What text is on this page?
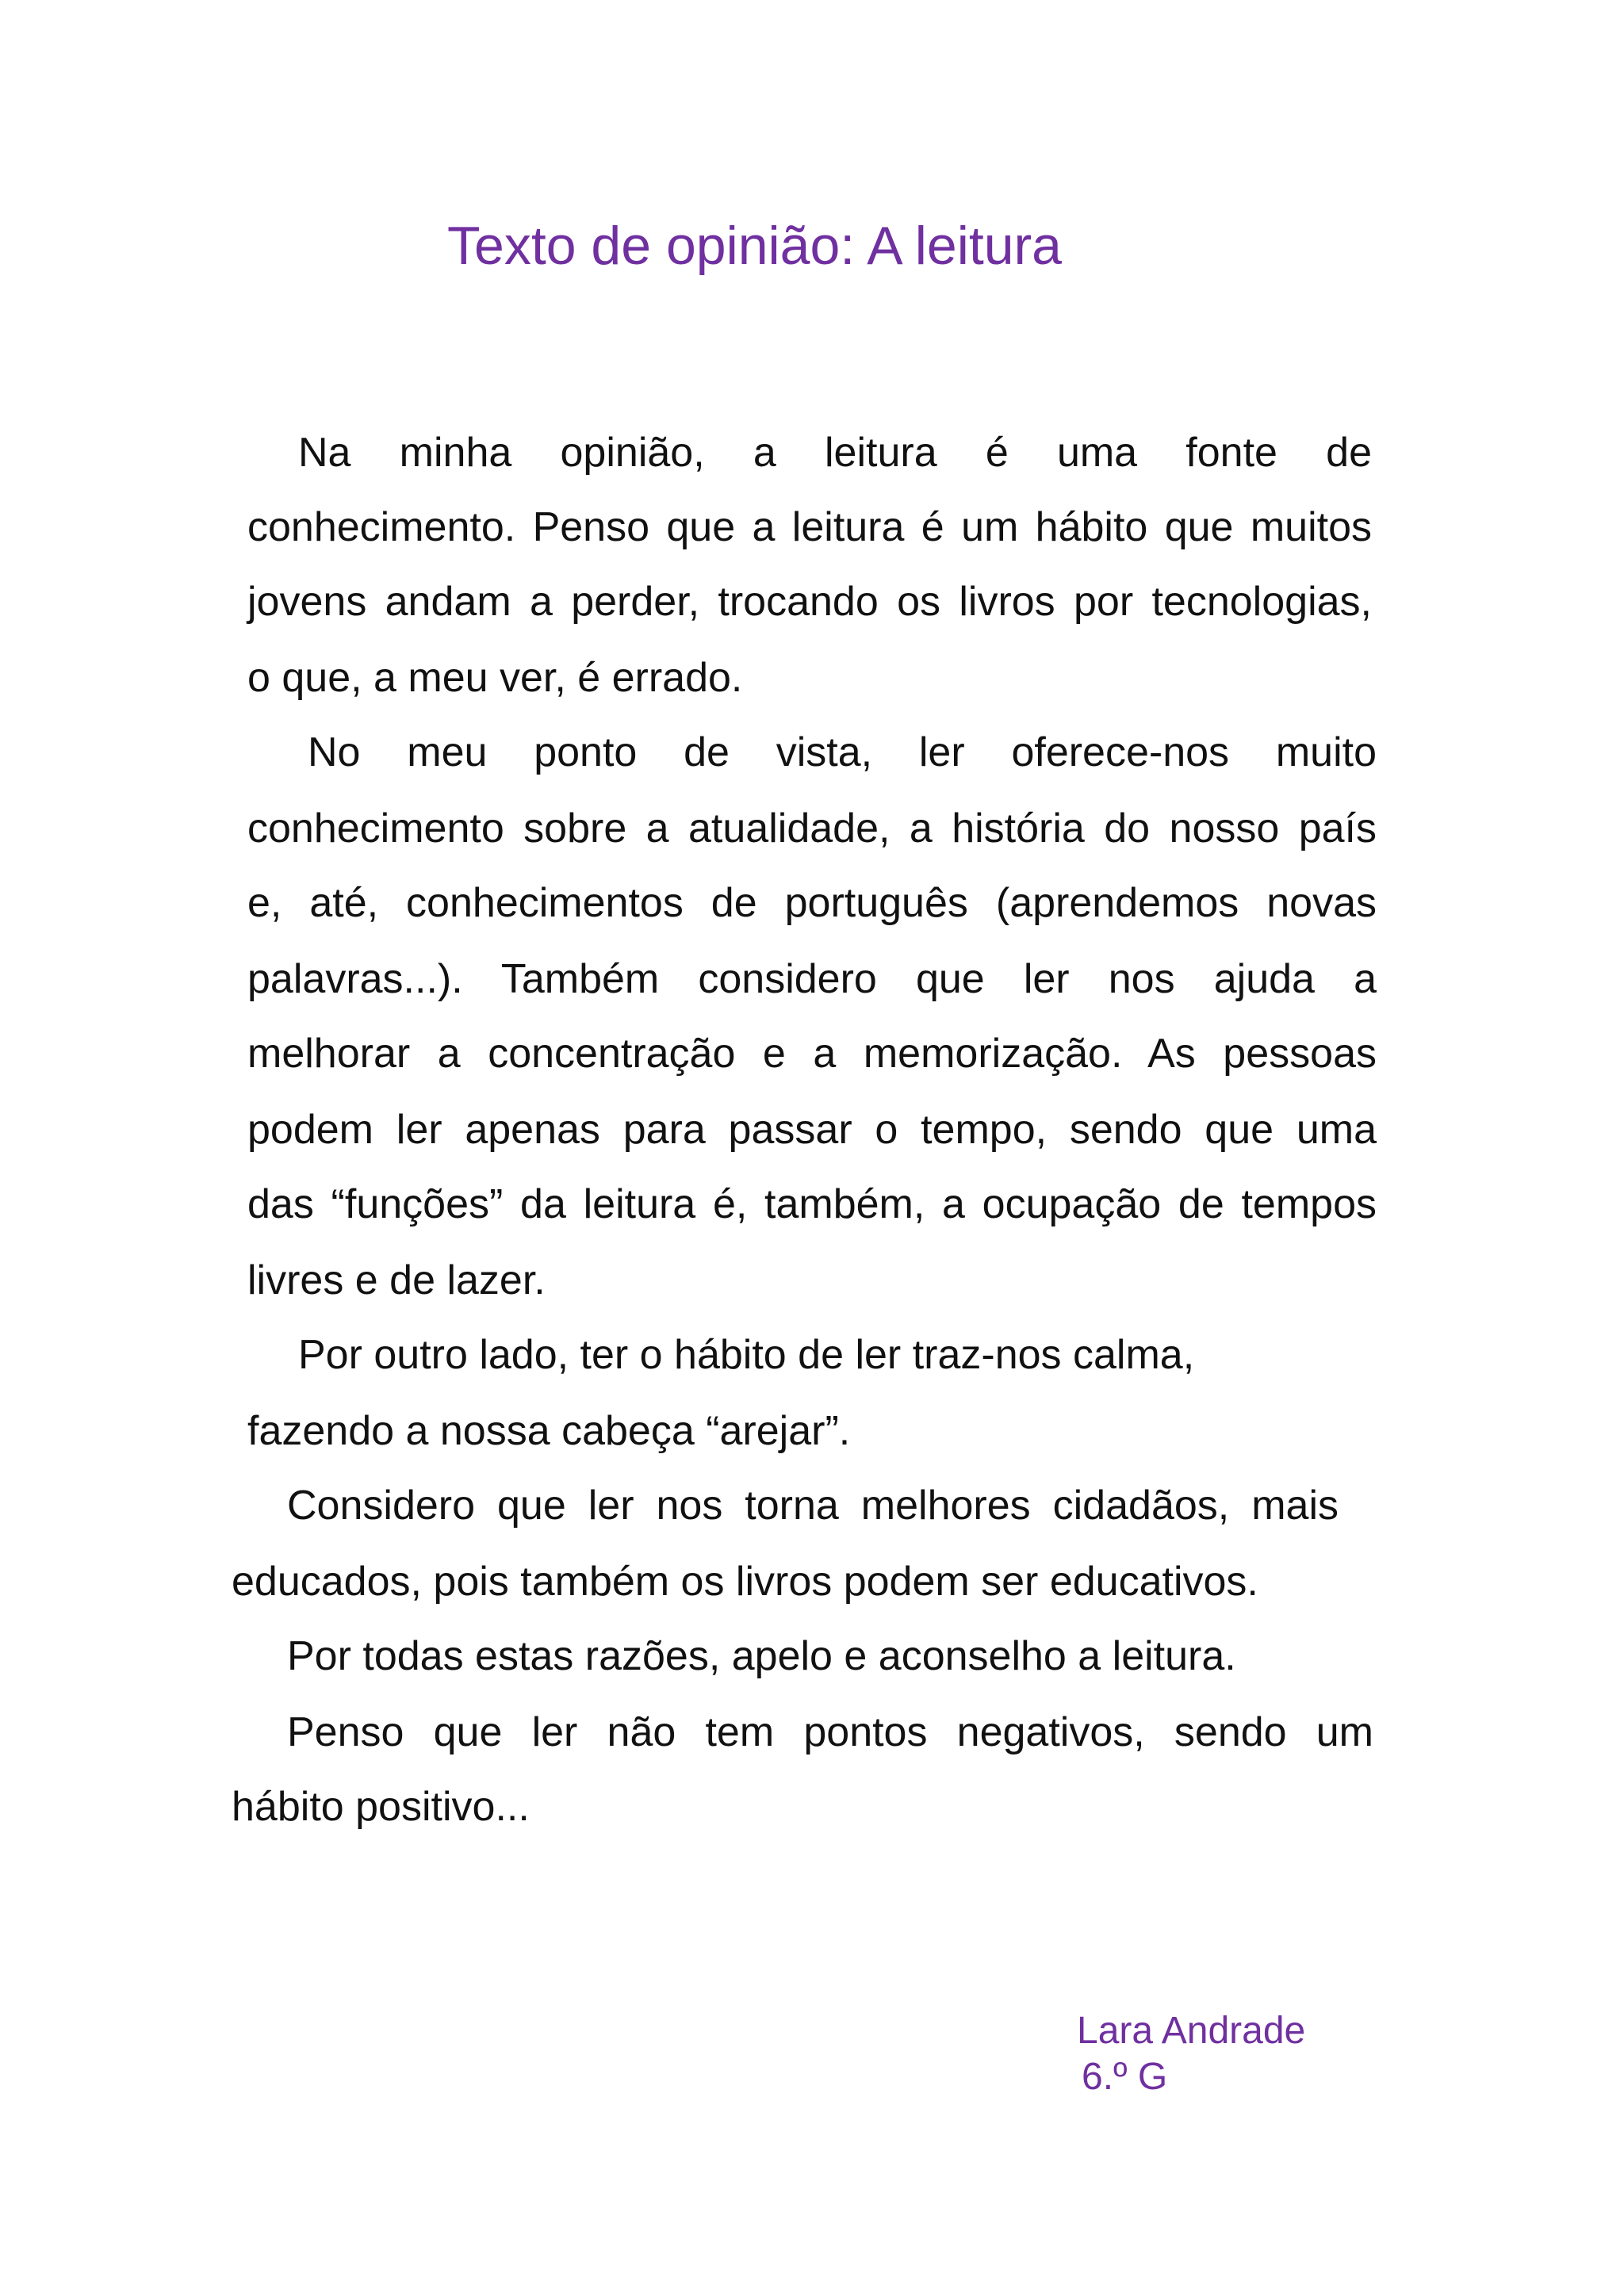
Texto de opinião: A leitura

Na minha opinião, a leitura é uma fonte de

conhecimento. Penso que a leitura é um hábito que muitos

jovens andam a perder, trocando os livros por tecnologias,

o que, a meu ver, é errado.

No meu ponto de vista, ler oferece-nos muito

conhecimento sobre a atualidade, a história do nosso país

e, até, conhecimentos de português (aprendemos novas

palavras...). Também considero que ler nos ajuda a

melhorar a concentração e a memorização. As pessoas

podem ler apenas para passar o tempo, sendo que uma

das “funções” da leitura é, também, a ocupação de tempos

livres e de lazer.

Por outro lado, ter o hábito de ler traz-nos calma,

fazendo a nossa cabeça “arejar”.

Considero que ler nos torna melhores cidadãos, mais

educados, pois também os livros podem ser educativos.

Por todas estas razões, apelo e aconselho a leitura.

Penso que ler não tem pontos negativos, sendo um

hábito positivo...

Lara Andrade

6.º G
